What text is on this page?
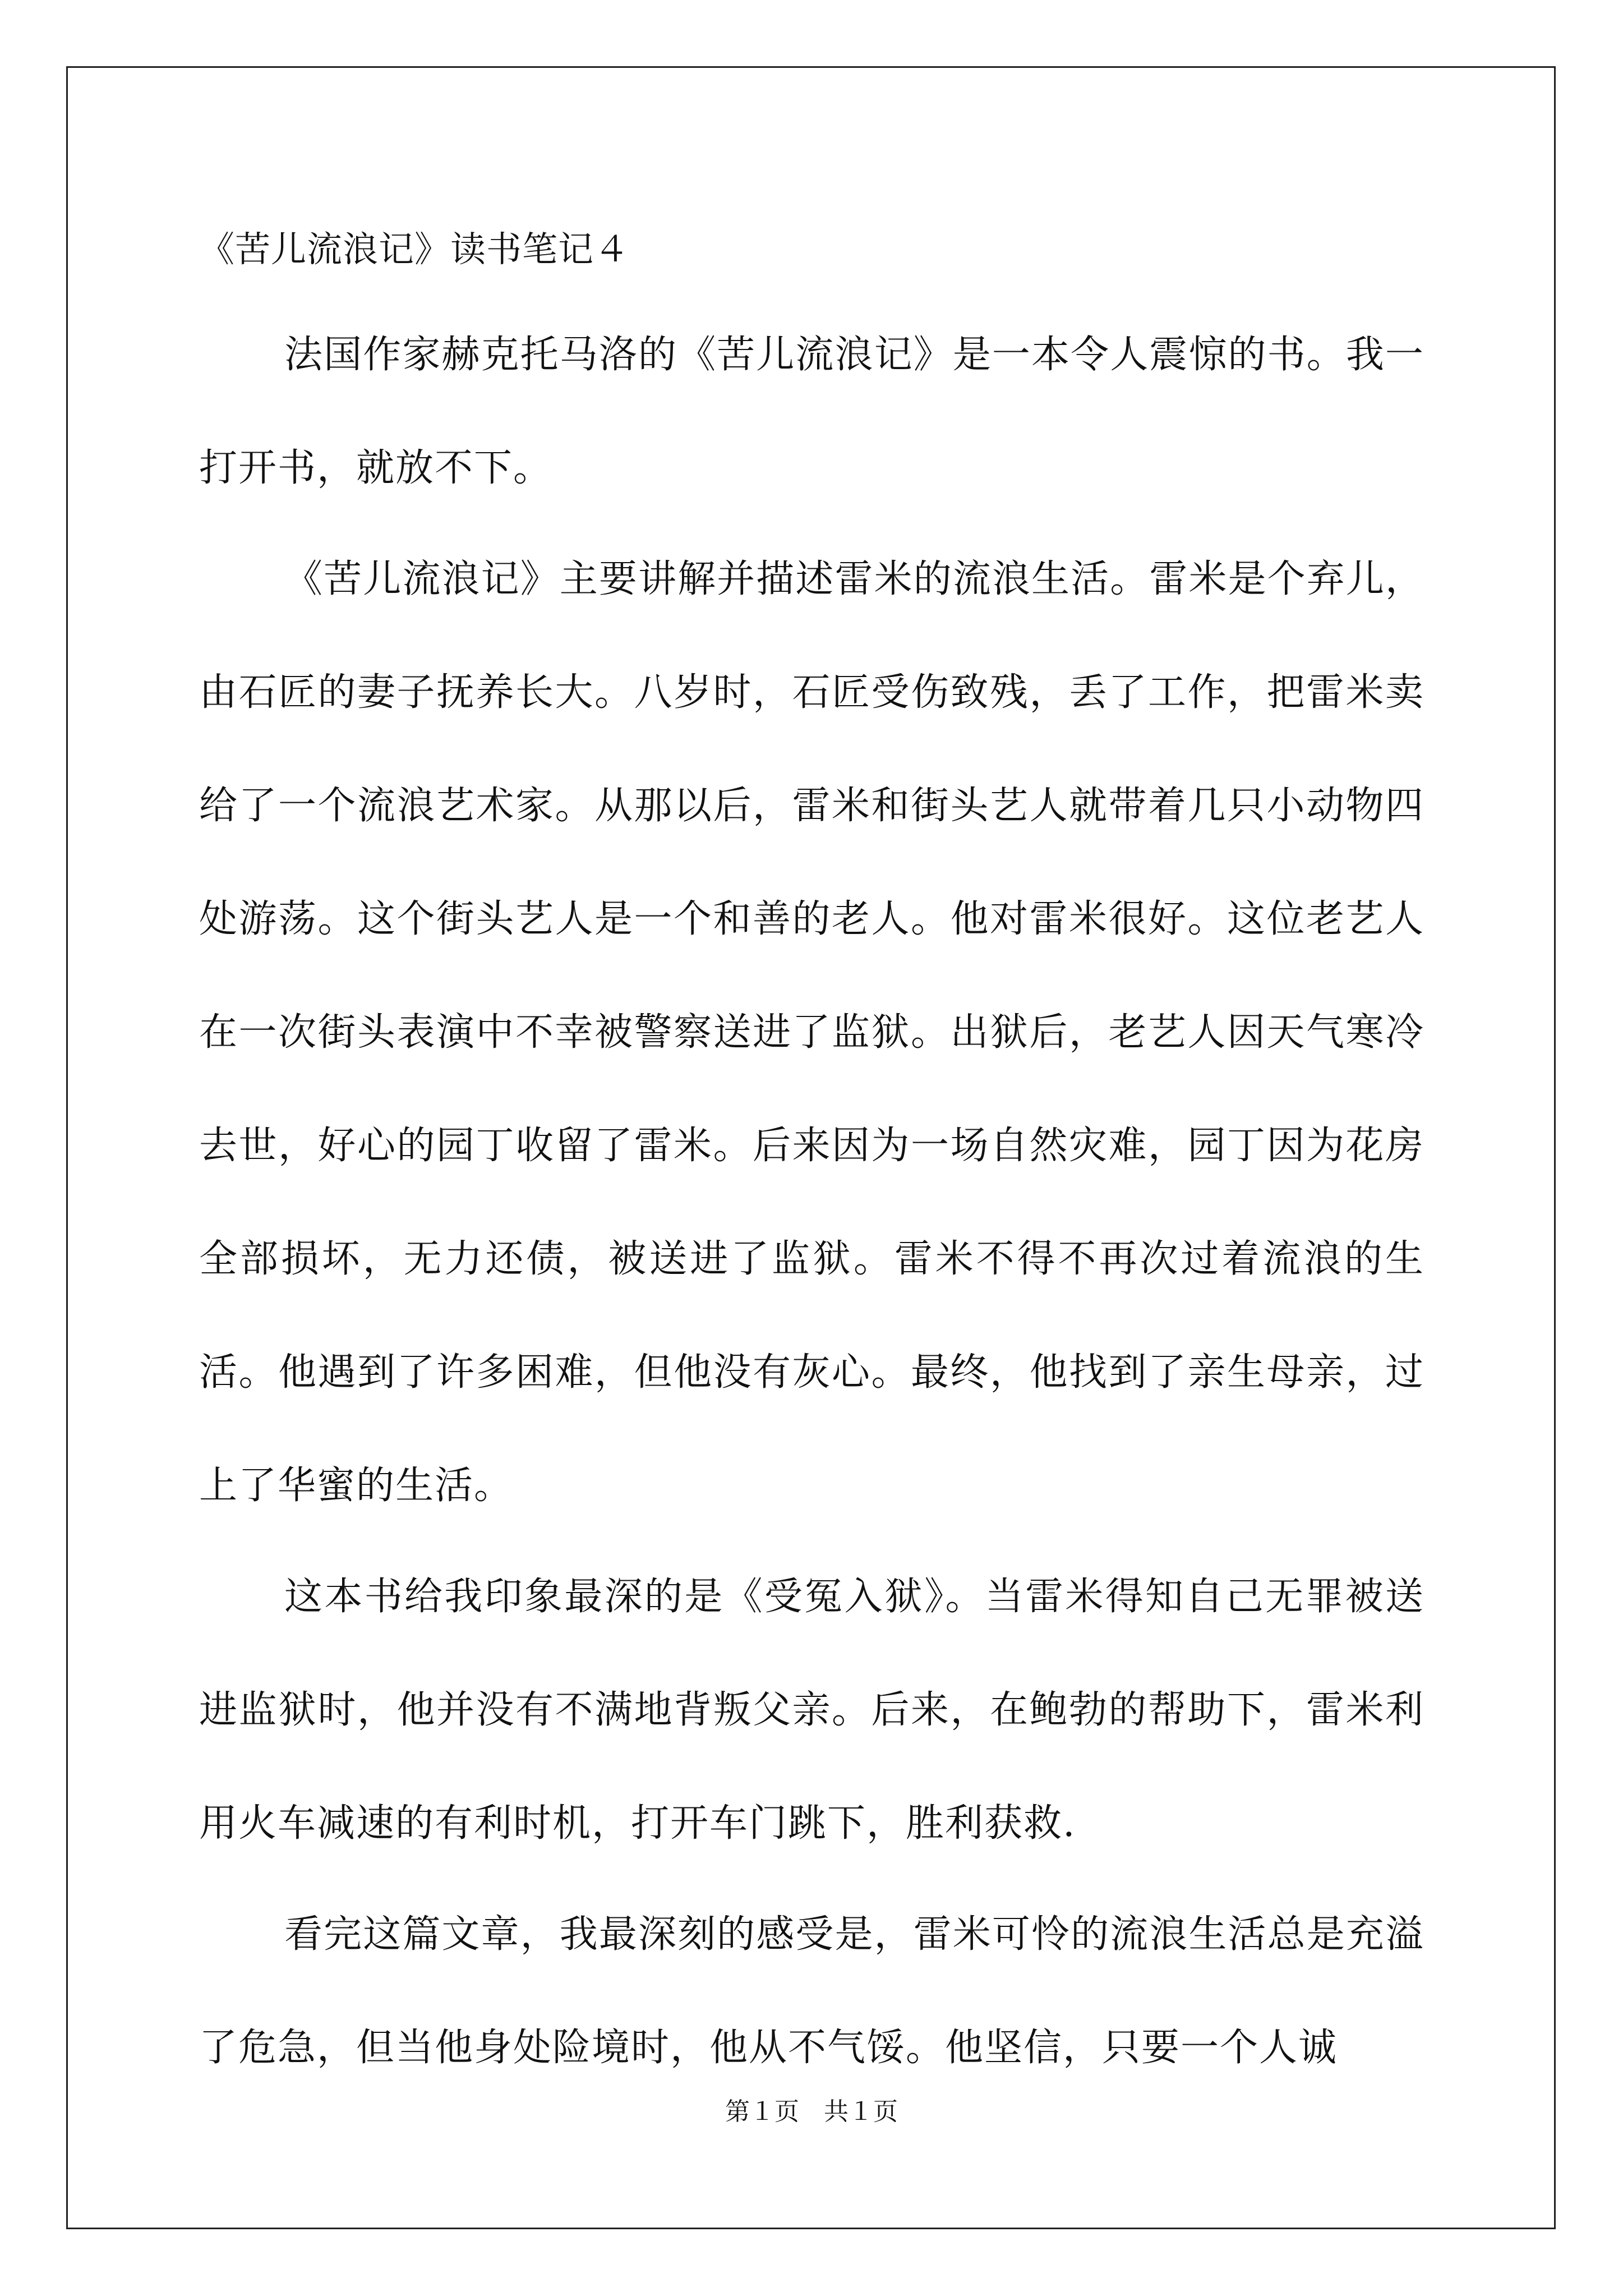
《苦儿流浪记》读书笔记４

法国作家赫克托马洛的《苦儿流浪记》是一本令人震惊的书。我一打开书，就放不下。

《苦儿流浪记》主要讲解并描述雷米的流浪生活。雷米是个弃儿，由石匠的妻子抚养长大。八岁时，石匠受伤致残，丢了工作，把雷米卖给了一个流浪艺术家。从那以后，雷米和街头艺人就带着几只小动物四处游荡。这个街头艺人是一个和善的老人。他对雷米很好。这位老艺人在一次街头表演中不幸被警察送进了监狱。出狱后，老艺人因天气寒冷去世，好心的园丁收留了雷米。后来因为一场自然灾难，园丁因为花房全部损坏，无力还债，被送进了监狱。雷米不得不再次过着流浪的生活。他遇到了许多困难，但他没有灰心。最终，他找到了亲生母亲，过上了华蜜的生活。

这本书给我印象最深的是《受冤入狱》。当雷米得知自己无罪被送进监狱时，他并没有不满地背叛父亲。后来，在鲍勃的帮助下，雷米利用火车减速的有利时机，打开车门跳下，胜利获救.

看完这篇文章，我最深刻的感受是，雷米可怜的流浪生活总是充溢了危急，但当他身处险境时，他从不气馁。他坚信，只要一个人诚

第１页　共１页
